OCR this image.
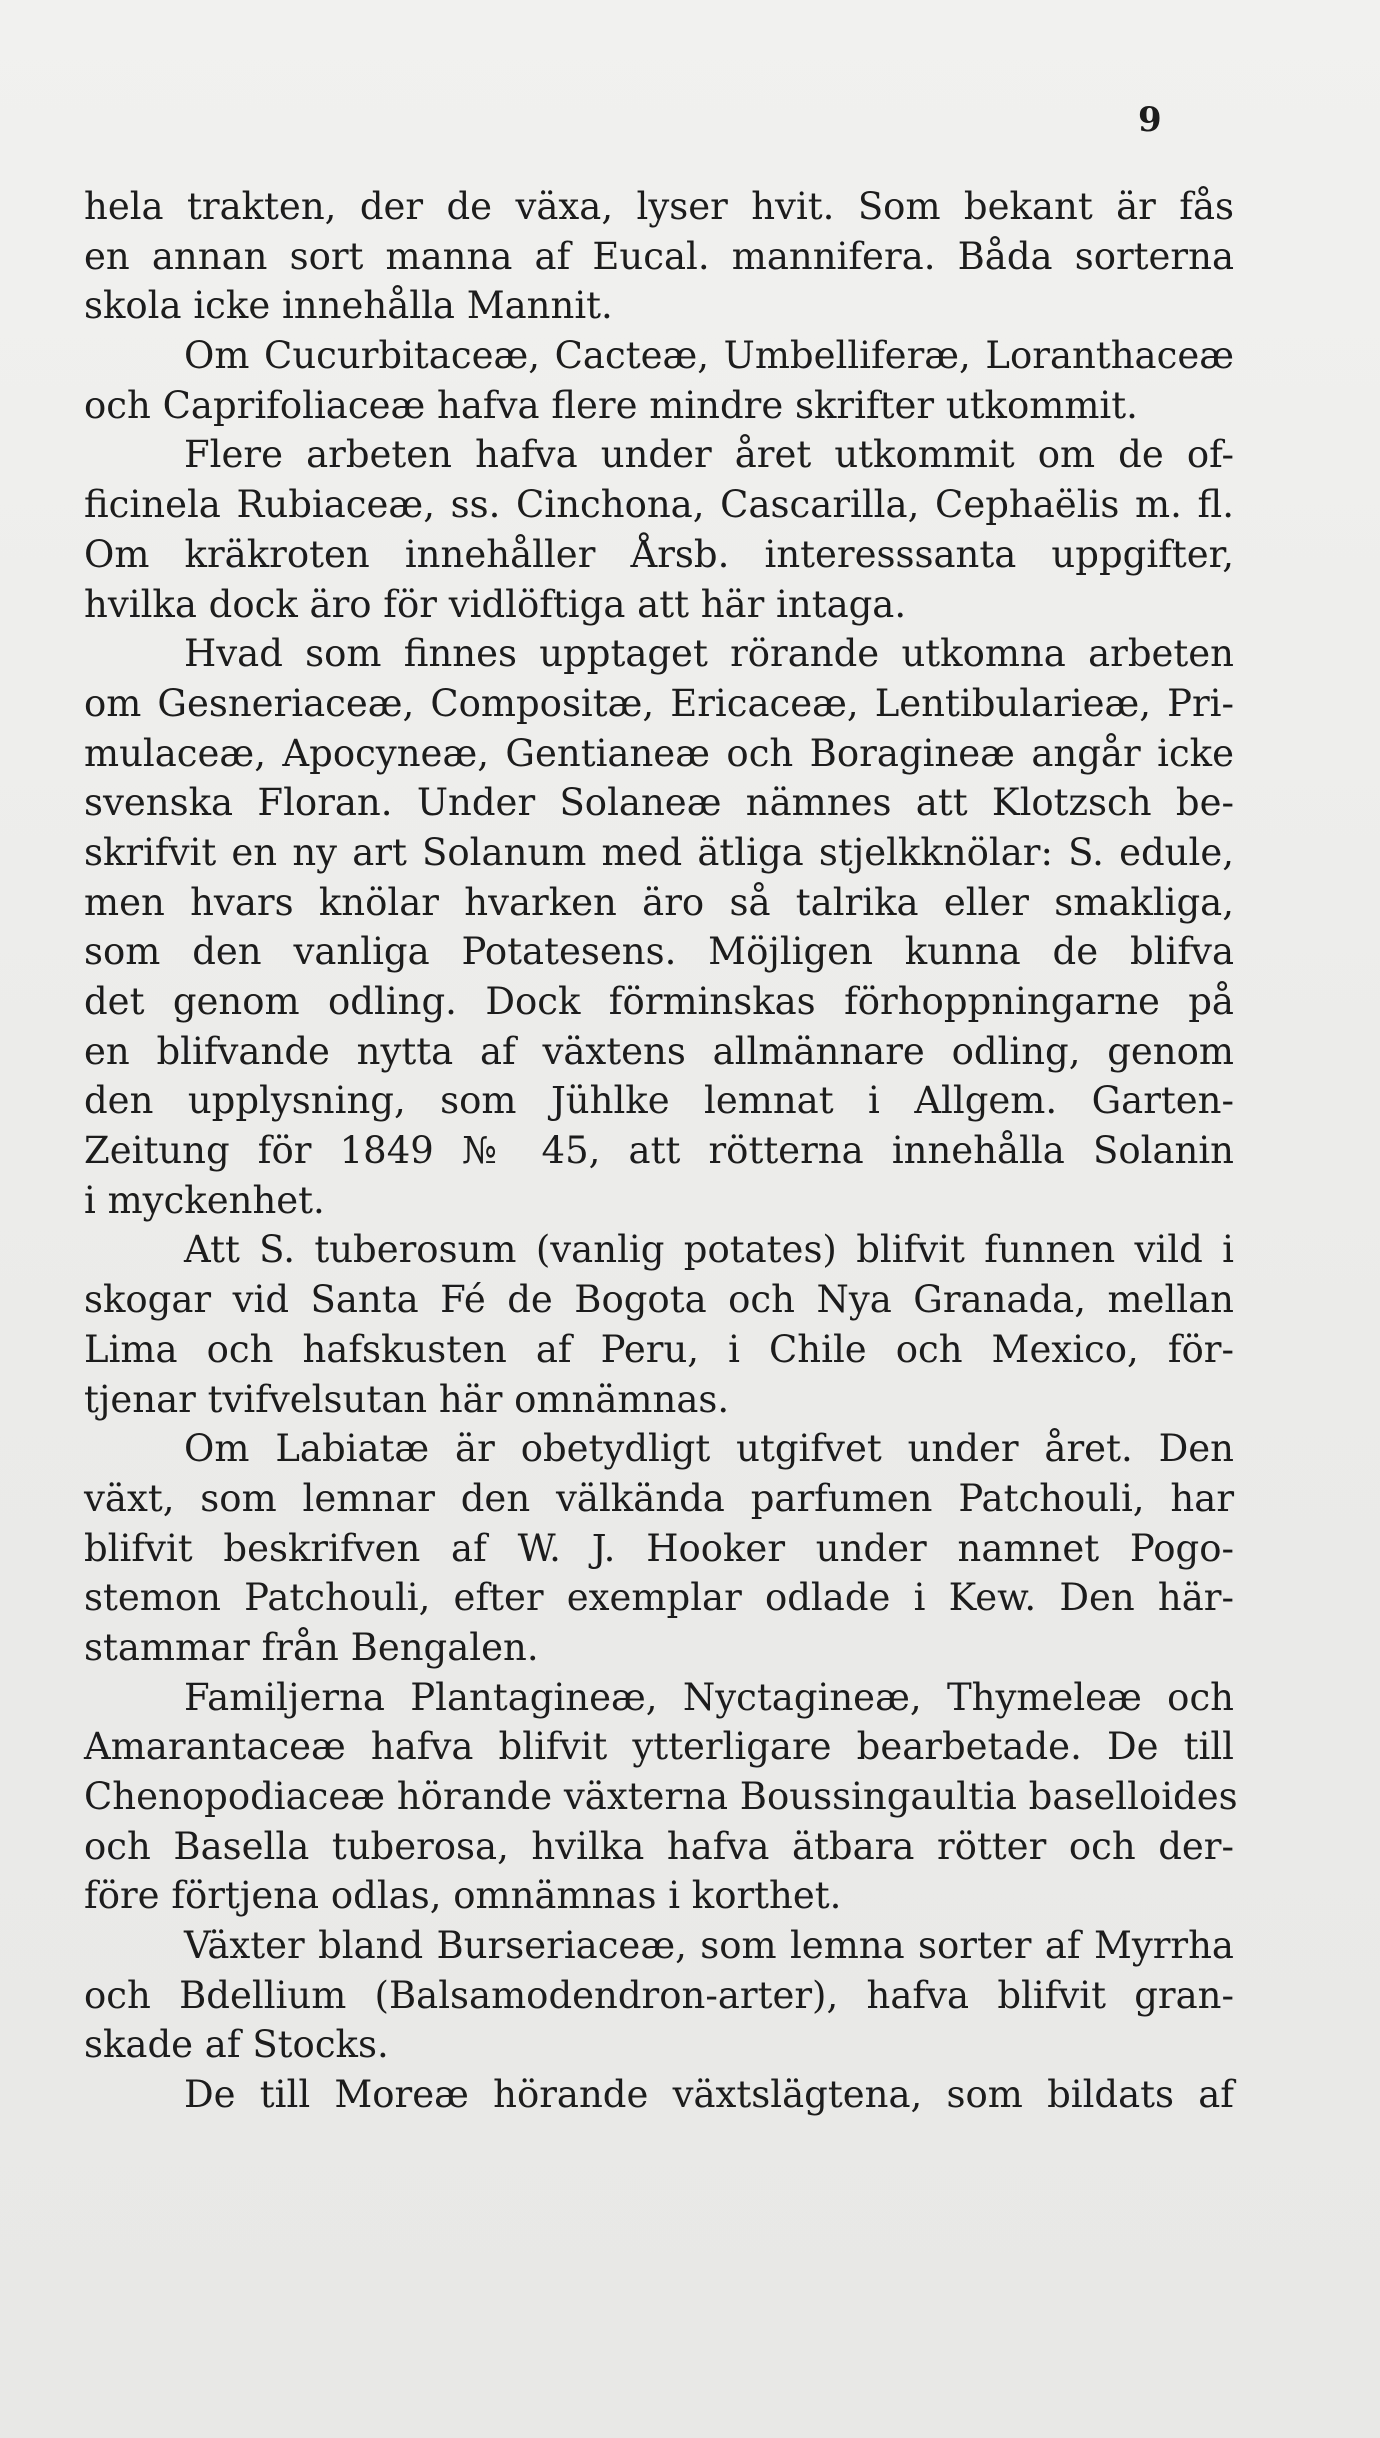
9
hela trakten, der de växa, lyser hvit. Som bekant är fås
en annan sort manna af Eucal. mannifera. Båda sorterna
skola icke innehålla Mannit.
Om Cucurbitaceæ, Cacteæ, Umbelliferæ, Loranthaceæ
och Caprifoliaceæ hafva flere mindre skrifter utkommit.
Flere arbeten hafva under året utkommit om de of-
ficinela Rubiaceæ, ss. Cinchona, Cascarilla, Cephaëlis m. fl.
Om kräkroten innehåller Årsb. interesssanta uppgifter,
hvilka dock äro för vidlöftiga att här intaga.
Hvad som finnes upptaget rörande utkomna arbeten
om Gesneriaceæ, Compositæ, Ericaceæ, Lentibularieæ, Pri-
mulaceæ, Apocyneæ, Gentianeæ och Boragineæ angår icke
svenska Floran. Under Solaneæ nämnes att Klotzsch be-
skrifvit en ny art Solanum med ätliga stjelkknölar: S. edule,
men hvars knölar hvarken äro så talrika eller smakliga,
som den vanliga Potatesens. Möjligen kunna de blifva
det genom odling. Dock förminskas förhoppningarne på
en blifvande nytta af växtens allmännare odling, genom
den upplysning, som Jühlke lemnat i Allgem. Garten-
Zeitung för 1849 № 45, att rötterna innehålla Solanin
i myckenhet.
Att S. tuberosum (vanlig potates) blifvit funnen vild i
skogar vid Santa Fé de Bogota och Nya Granada, mellan
Lima och hafskusten af Peru, i Chile och Mexico, för-
tjenar tvifvelsutan här omnämnas.
Om Labiatæ är obetydligt utgifvet under året. Den
växt, som lemnar den välkända parfumen Patchouli, har
blifvit beskrifven af W. J. Hooker under namnet Pogo-
stemon Patchouli, efter exemplar odlade i Kew. Den här-
stammar från Bengalen.
Familjerna Plantagineæ, Nyctagineæ, Thymeleæ och
Amarantaceæ hafva blifvit ytterligare bearbetade. De till
Chenopodiaceæ hörande växterna Boussingaultia baselloides
och Basella tuberosa, hvilka hafva ätbara rötter och der-
före förtjena odlas, omnämnas i korthet.
Växter bland Burseriaceæ, som lemna sorter af Myrrha
och Bdellium (Balsamodendron-arter), hafva blifvit gran-
skade af Stocks.
De till Moreæ hörande växtslägtena, som bildats af
